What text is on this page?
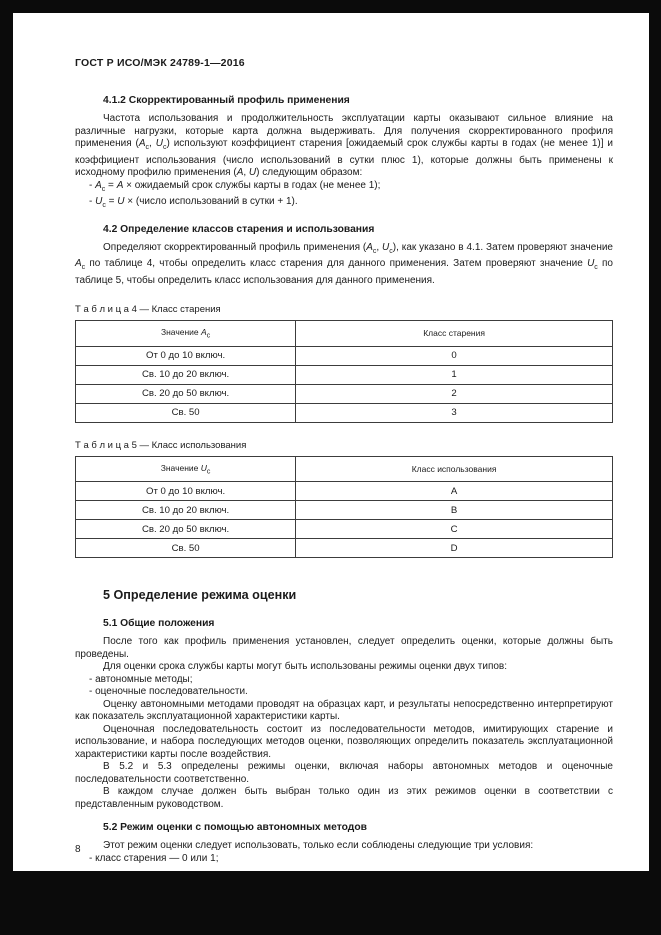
ГОСТ Р ИСО/МЭК 24789-1—2016
4.1.2 Скорректированный профиль применения

Частота использования и продолжительность эксплуатации карты оказывают сильное влияние на различные нагрузки, которые карта должна выдерживать. Для получения скорректированного профиля применения ($A_c$, $U_c$) используют коэффициент старения [ожидаемый срок службы карты в годах (не менее 1)] и коэффициент использования (число использований в сутки плюс 1), которые должны быть применены к исходному профилю применения (A, U) следующим образом:

- $A_c = A$ × ожидаемый срок службы карты в годах (не менее 1);
- $U_c = U$ × (число использований в сутки + 1).
4.2 Определение классов старения и использования

Определяют скорректированный профиль применения ($A_c$, $U_c$), как указано в 4.1. Затем проверяют значение $A_c$ по таблице 4, чтобы определить класс старения для данного применения. Затем проверяют значение $U_c$ по таблице 5, чтобы определить класс использования для данного применения.

Т а б л и ц а 4 — Класс старения
Значение $A_c$	Класс старения
От 0 до 10 включ.	0
Св. 10 до 20 включ.	1
Св. 20 до 50 включ.	2
Св. 50	3
Т а б л и ц а 5 — Класс использования
Значение $U_c$	Класс использования
От 0 до 10 включ.	A
Св. 10 до 20 включ.	B
Св. 20 до 50 включ.	C
Св. 50	D
5 Определение режима оценки
5.1 Общие положения

После того как профиль применения установлен, следует определить оценки, которые должны быть проведены.

Для оценки срока службы карты могут быть использованы режимы оценки двух типов:

- автономные методы;
- оценочные последовательности.

Оценку автономными методами проводят на образцах карт, и результаты непосредственно интерпретируют как показатель эксплуатационной характеристики карты.

Оценочная последовательность состоит из последовательности методов, имитирующих старение и использование, и набора последующих методов оценки, позволяющих определить показатель эксплуатационной характеристики карты после воздействия.

В 5.2 и 5.3 определены режимы оценки, включая наборы автономных методов и оценочные последовательности соответственно.

В каждом случае должен быть выбран только один из этих режимов оценки в соответствии с представленным руководством.

5.2 Режим оценки с помощью автономных методов

Этот режим оценки следует использовать, только если соблюдены следующие три условия:

- класс старения — 0 или 1;
8
